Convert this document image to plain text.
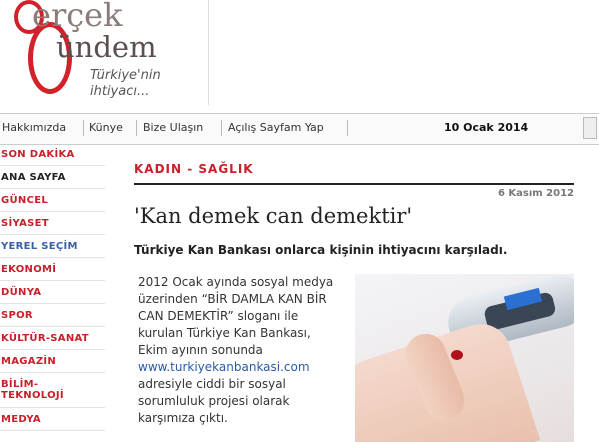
erçek
ündem
Türkiye'nin
ihtiyacı...
Hakkımızda Künye Bize Ulaşın Açılış Sayfam Yap	10 Ocak 2014
SON DAKİKA
ANA SAYFA
GÜNCEL
SİYASET
YEREL SEÇİM
EKONOMİ
DÜNYA
SPOR
KÜLTÜR-SANAT
MAGAZİN
BİLİM-
TEKNOLOJİ
MEDYA
KADIN - SAĞLIK
6 Kasım 2012
'Kan demek can demektir'
Türkiye Kan Bankası onlarca kişinin ihtiyacını karşıladı.
2012 Ocak ayında sosyal medya
üzerinden “BİR DAMLA KAN BİR
CAN DEMEKTİR” sloganı ile
kurulan Türkiye Kan Bankası,
Ekim ayının sonunda
www.turkiyekanbankasi.com
adresiyle ciddi bir sosyal
sorumluluk projesi olarak
karşımıza çıktı.
